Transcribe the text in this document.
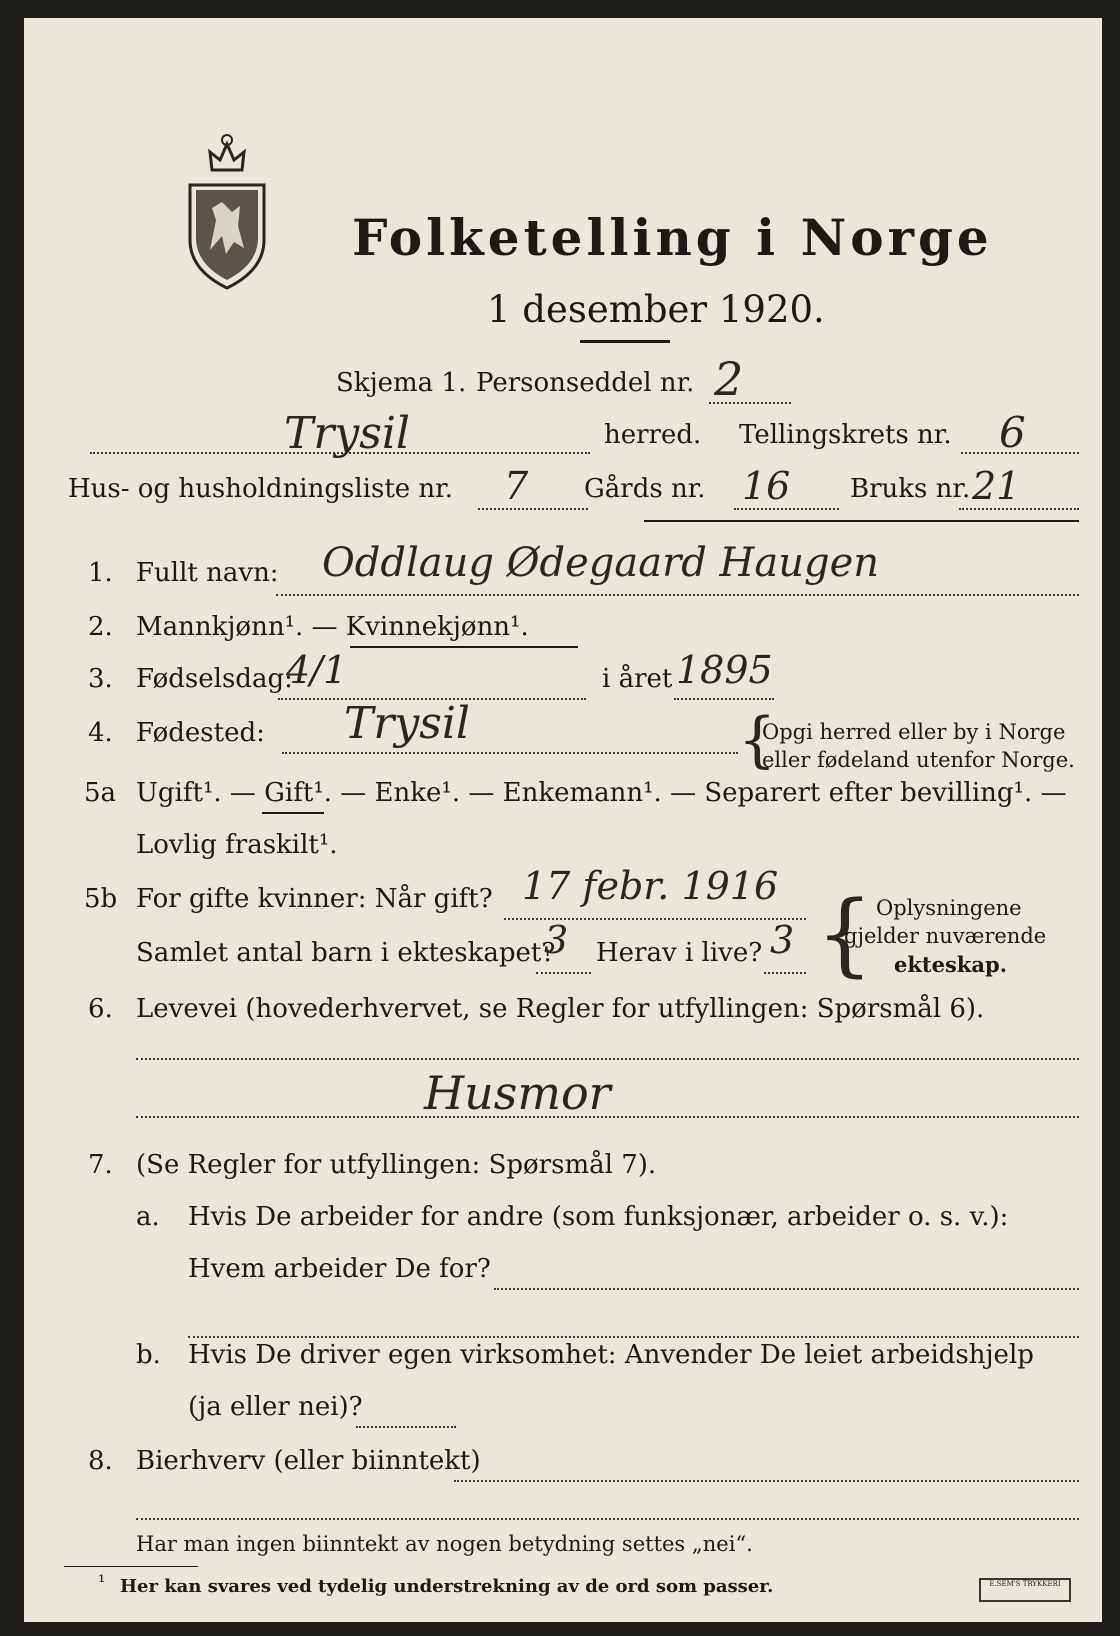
Folketelling i Norge
1 desember 1920.
Skjema 1. Personseddel nr. 2
Trysil	herred. Tellingskrets nr. 6
Hus- og husholdningsliste nr. 7 Gårds nr. 16 Bruks nr. 21
1. Fullt navn: Oddlaug Ødegaard Haugen
2. Mannkjønn¹. — Kvinnekjønn¹.
3. Fødselsdag:
4/1	i året 1895
4. Fødested: Trysil	{
Opgi herred eller by i Norge
eller fødeland utenfor Norge.
5a Ugift¹. — Gift¹. — Enke¹. — Enkemann¹. — Separert efter bevilling¹. —
Lovlig fraskilt¹.
5b For gifte kvinner: Når gift? 17 febr. 1916
Samlet antal barn i ekteskapet?
3 Herav i live? 3 { Oplysningene
gjelder nuværende
ekteskap.
6. Levevei (hovederhvervet, se Regler for utfyllingen: Spørsmål 6).
Husmor
7. (Se Regler for utfyllingen: Spørsmål 7).
a. Hvis De arbeider for andre (som funksjonær, arbeider o. s. v.):
Hvem arbeider De for?
b. Hvis De driver egen virksomhet: Anvender De leiet arbeidshjelp
(ja eller nei)?
8. Bierhverv (eller biinntekt)
Har man ingen biinntekt av nogen betydning settes „nei“.
¹ Her kan svares ved tydelig understrekning av de ord som passer.	E.SEM'S TRYKKERI
